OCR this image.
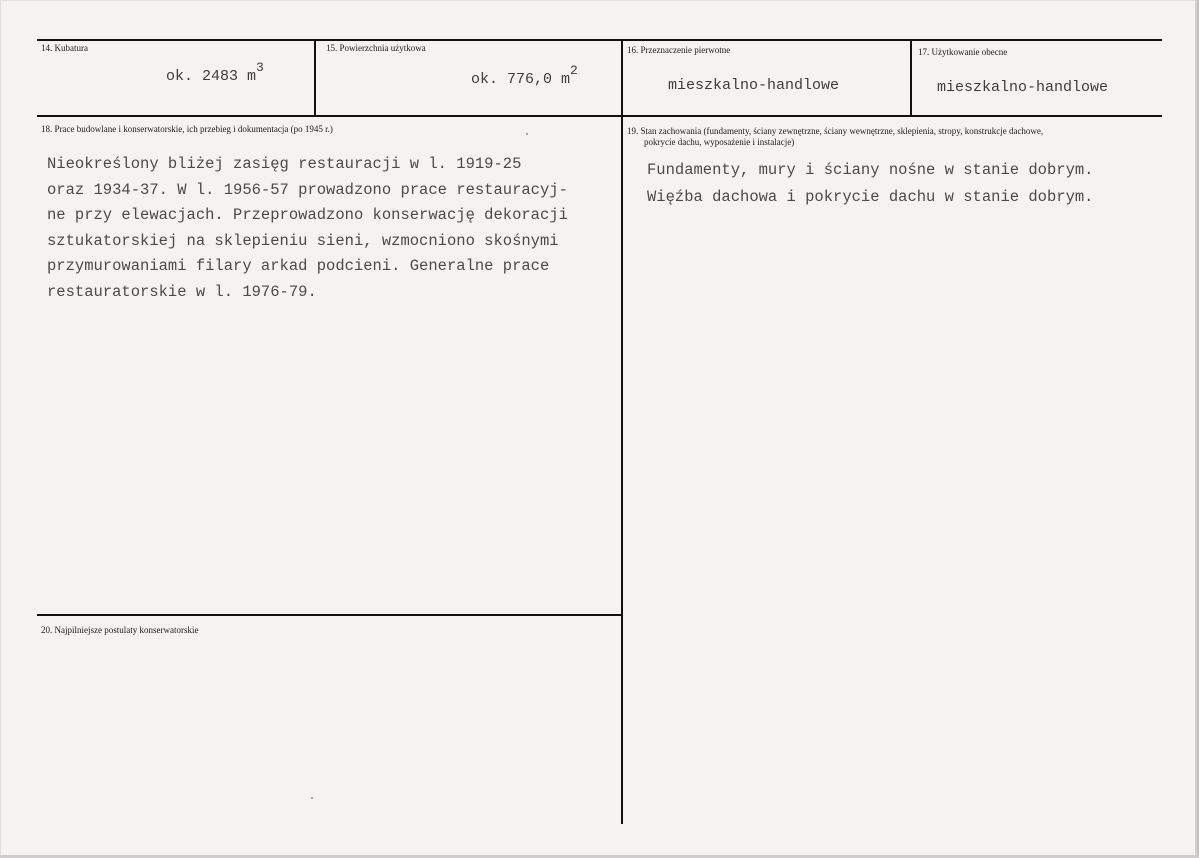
14. Kubatura
ok. 2483 m3
15. Powierzchnia użytkowa
ok. 776,0 m2
16. Przeznaczenie pierwotne
mieszkalno-handlowe
17. Użytkowanie obecne
mieszkalno-handlowe
18. Prace budowlane i konserwatorskie, ich przebieg i dokumentacja (po 1945 r.)
Nieokreślony bliżej zasięg restauracji w l. 1919-25
oraz 1934-37. W l. 1956-57 prowadzono prace restauracyj-
ne przy elewacjach. Przeprowadzono konserwację dekoracji
sztukatorskiej na sklepieniu sieni, wzmocniono skośnymi
przymurowaniami filary arkad podcieni. Generalne prace
restauratorskie w l. 1976-79.
19. Stan zachowania (fundamenty, ściany zewnętrzne, ściany wewnętrzne, sklepienia, stropy, konstrukcje dachowe,
pokrycie dachu, wyposażenie i instalacje)
Fundamenty, mury i ściany nośne w stanie dobrym.
Więźba dachowa i pokrycie dachu w stanie dobrym.
20. Najpilniejsze postulaty konserwatorskie
